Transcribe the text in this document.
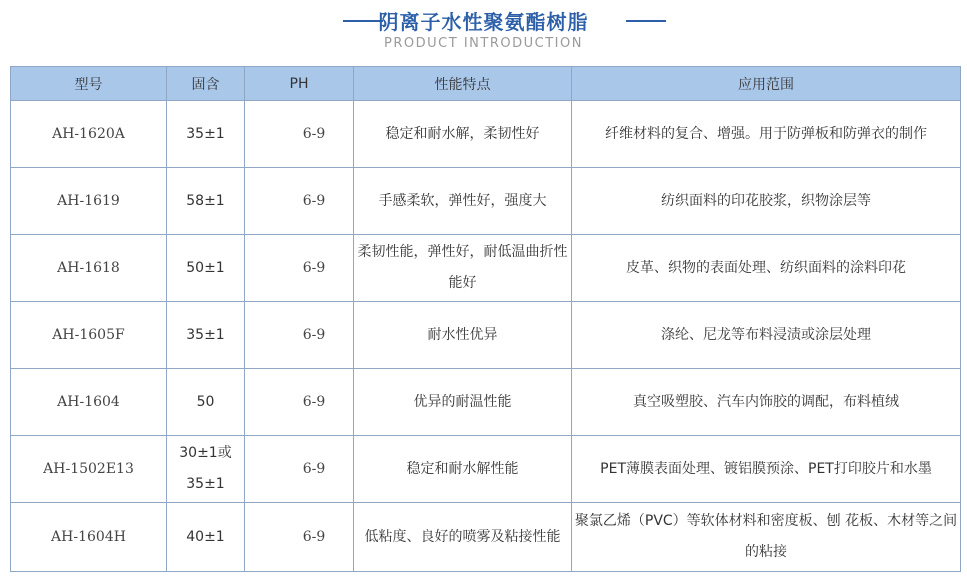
阴离子水性聚氨酯树脂
PRODUCT INTRODUCTION
型号	固含	PH	性能特点	应用范围
AH-1620A	35±1	6-9	稳定和耐水解，柔韧性好	纤维材料的复合、增强。用于防弹板和防弹衣的制作
AH-1619	58±1	6-9	手感柔软，弹性好，强度大	纺织面料的印花胶浆，织物涂层等
AH-1618	50±1	6-9	柔韧性能，弹性好，耐低温曲折性能好	皮革、织物的表面处理、纺织面料的涂料印花
AH-1605F	35±1	6-9	耐水性优异	涤纶、尼龙等布料浸渍或涂层处理
AH-1604	50	6-9	优异的耐温性能	真空吸塑胶、汽车内饰胶的调配，布料植绒
AH-1502E13	30±1或35±1	6-9	稳定和耐水解性能	PET薄膜表面处理、镀铝膜预涂、PET打印胶片和水墨
AH-1604H	40±1	6-9	低粘度、良好的喷雾及粘接性能	聚氯乙烯（PVC）等软体材料和密度板、刨 花板、木材等之间的粘接
